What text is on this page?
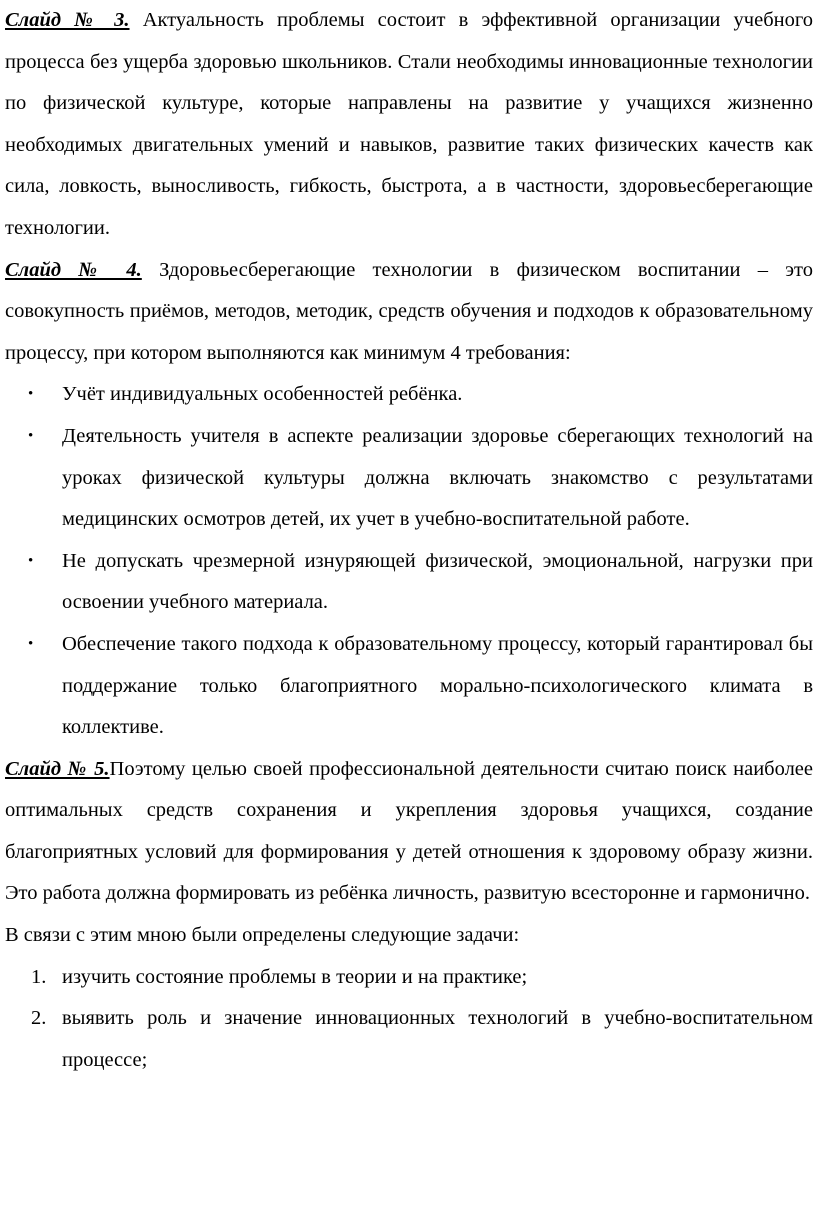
Слайд № 3. Актуальность проблемы состоит в эффективной организации учебного процесса без ущерба здоровью школьников. Стали необходимы инновационные технологии по физической культуре, которые направлены на развитие у учащихся жизненно необходимых двигательных умений и навыков, развитие таких физических качеств как сила, ловкость, выносливость, гибкость, быстрота, а в частности, здоровьесберегающие технологии.

Слайд № 4. Здоровьесберегающие технологии в физическом воспитании – это совокупность приёмов, методов, методик, средств обучения и подходов к образовательному процессу, при котором выполняются как минимум 4 требования:

• Учёт индивидуальных особенностей ребёнка.
• Деятельность учителя в аспекте реализации здоровье сберегающих технологий на уроках физической культуры должна включать знакомство с результатами медицинских осмотров детей, их учет в учебно-воспитательной работе.
• Не допускать чрезмерной изнуряющей физической, эмоциональной, нагрузки при освоении учебного материала.
• Обеспечение такого подхода к образовательному процессу, который гарантировал бы поддержание только благоприятного морально-психологического климата в коллективе.

Слайд № 5.Поэтому целью своей профессиональной деятельности считаю поиск наиболее оптимальных средств сохранения и укрепления здоровья учащихся, создание благоприятных условий для формирования у детей отношения к здоровому образу жизни. Это работа должна формировать из ребёнка личность, развитую всесторонне и гармонично.

В связи с этим мною были определены следующие задачи:

1. изучить состояние проблемы в теории и на практике;
2. выявить роль и значение инновационных технологий в учебно-воспитательном процессе;
